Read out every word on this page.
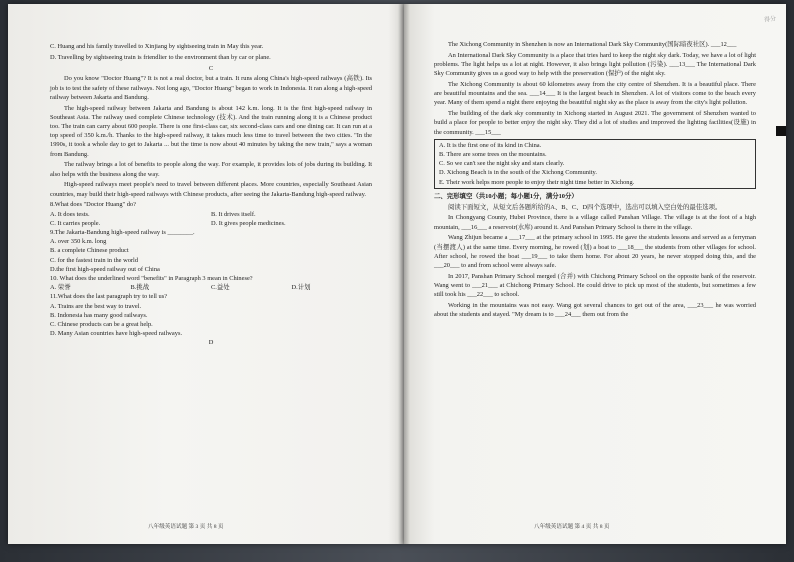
C. Huang and his family travelled to Xinjiang by sightseeing train in May this year.

D. Travelling by sightseeing train is friendlier to the environment than by car or plane.

C

Do you know "Doctor Huang"? It is not a real doctor, but a train. It runs along China's high-speed railways (高铁). Its job is to test the safety of these railways. Not long ago, "Doctor Huang" began to work in Indonesia. It ran along a high-speed railway between Jakarta and Bandung.

The high-speed railway between Jakarta and Bandung is about 142 k.m. long. It is the first high-speed railway in Southeast Asia. The railway used complete Chinese technology (技术). And the train running along it is a Chinese product too. The train can carry about 600 people. There is one first-class car, six second-class cars and one dining car. It can run at a top speed of 350 k.m./h. Thanks to the high-speed railway, it takes much less time to travel between the two cities. "In the 1990s, it took a whole day to get to Jakarta ... but the time is now about 40 minutes by taking the new train," says a woman from Bandung.

The railway brings a lot of benefits to people along the way. For example, it provides lots of jobs during its building. It also helps with the business along the way.

High-speed railways meet people's need to travel between different places. More countries, especially Southeast Asian countries, may build their high-speed railways with Chinese products, after seeing the Jakarta-Bandung high-speed railway.

8.What does "Doctor Huang" do?

A. It does tests.	B. It drives itself.
C. It carries people.	D. It gives people medicines.

9.The Jakarta-Bandung high-speed railway is ________.

A. over 350 k.m. long

B. a complete Chinese product

C. for the fastest train in the world

D.the first high-speed railway out of China

10. What does the underlined word "benefits" in Paragraph 3 mean in Chinese?

A. 荣誉	B.挑战	C.益处	D.计划

11.What does the last paragraph try to tell us?

A. Trains are the best way to travel.

B. Indonesia has many good railways.

C. Chinese products can be a great help.

D. Many Asian countries have high-speed railways.

D

八年级英语试题 第 3 页 共 8 页
得分

The Xichong Community in Shenzhen is now an International Dark Sky Community(国际暗夜社区). ___12___

An International Dark Sky Community is a place that tries hard to keep the night sky dark. Today, we have a lot of light problems. The light helps us a lot at night. However, it also brings light pollution (污染). ___13___ The International Dark Sky Community gives us a good way to help with the preservation (保护) of the night sky.

The Xichong Community is about 60 kilometres away from the city centre of Shenzhen. It is a beautiful place. There are beautiful mountains and the sea. ___14___ It is the largest beach in Shenzhen. A lot of visitors come to the beach every year. Many of them spend a night there enjoying the beautiful night sky as the place is away from the city's light pollution.

The building of the dark sky community in Xichong started in August 2021. The government of Shenzhen wanted to build a place for people to better enjoy the night sky. They did a lot of studies and improved the lighting facilities(设施) in the community. ___15___

A. It is the first one of its kind in China.

B. There are some trees on the mountains.

C. So we can't see the night sky and stars clearly.

D. Xichong Beach is in the south of the Xichong Community.

E. Their work helps more people to enjoy their night time better in Xichong.

二、完形填空（共10小题；每小题1分，满分10分）

阅读下面短文，从短文后各题所给的A、B、C、D四个选项中，选出可以填入空白处的最佳选项。

In Chongyang County, Hubei Province, there is a village called Panshan Village. The village is at the foot of a high mountain, ___16___ a reservoir(水库) around it. And Panshan Primary School is there in the village.

Wang Zhijun became a ___17___ at the primary school in 1995. He gave the students lessons and served as a ferryman (当摆渡人) at the same time. Every morning, he rowed (划) a boat to ___18___ the students from other villages for school. After school, he rowed the boat ___19___ to take them home. For about 20 years, he never stopped doing this, and the ___20___ to and from school were always safe.

In 2017, Panshan Primary School merged (合并) with Chichong Primary School on the opposite bank of the reservoir. Wang went to ___21___ at Chichong Primary School. He could drive to pick up most of the students, but sometimes a few still took his ___22___ to school.

Working in the mountains was not easy. Wang got several chances to get out of the area, ___23___ he was worried about the students and stayed. "My dream is to ___24___ them out from the

八年级英语试题 第 4 页 共 8 页
